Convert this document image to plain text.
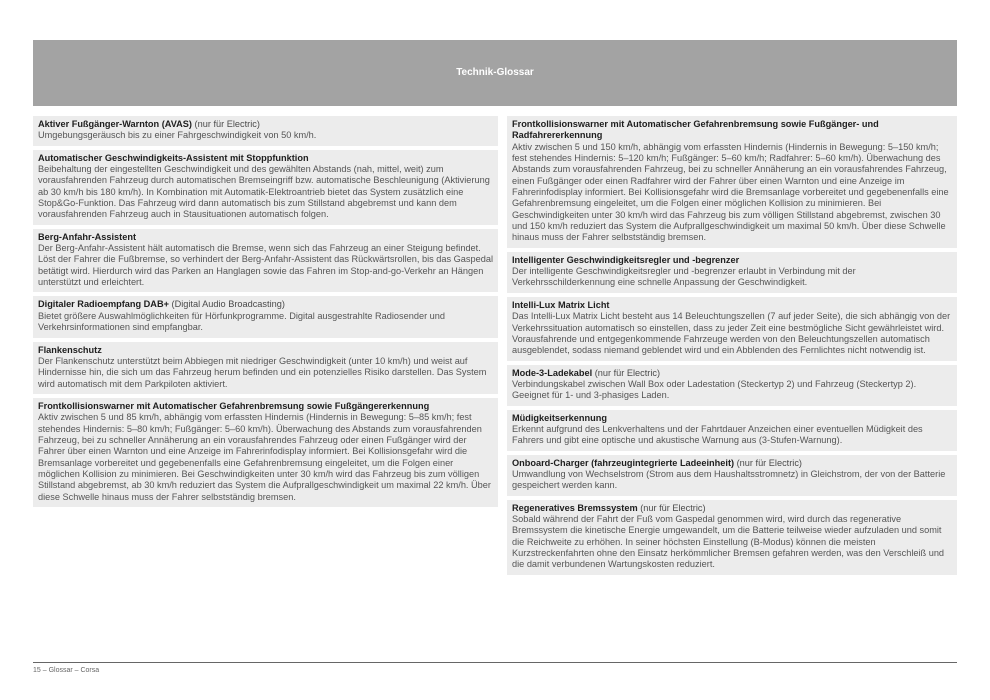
Technik-Glossar
Aktiver Fußgänger-Warnton (AVAS) (nur für Electric)
Umgebungsgeräusch bis zu einer Fahrgeschwindigkeit von 50 km/h.
Automatischer Geschwindigkeits-Assistent mit Stoppfunktion
Beibehaltung der eingestellten Geschwindigkeit und des gewählten Abstands (nah, mittel, weit) zum vorausfahrenden Fahrzeug durch automatischen Bremseingriff bzw. automatische Beschleunigung (Aktivierung ab 30 km/h bis 180 km/h). In Kombination mit Automatik-Elektroantrieb bietet das System zusätzlich eine Stop&Go-Funktion. Das Fahrzeug wird dann automatisch bis zum Stillstand abgebremst und kann dem vorausfahrenden Fahrzeug auch in Stausituationen automatisch folgen.
Berg-Anfahr-Assistent
Der Berg-Anfahr-Assistent hält automatisch die Bremse, wenn sich das Fahrzeug an einer Steigung befindet. Löst der Fahrer die Fußbremse, so verhindert der Berg-Anfahr-Assistent das Rückwärtsrollen, bis das Gaspedal betätigt wird. Hierdurch wird das Parken an Hanglagen sowie das Fahren im Stop-and-go-Verkehr an Hängen unterstützt und erleichtert.
Digitaler Radioempfang DAB+ (Digital Audio Broadcasting)
Bietet größere Auswahlmöglichkeiten für Hörfunkprogramme. Digital ausgestrahlte Radiosender und Verkehrsinformationen sind empfangbar.
Flankenschutz
Der Flankenschutz unterstützt beim Abbiegen mit niedriger Geschwindigkeit (unter 10 km/h) und weist auf Hindernisse hin, die sich um das Fahrzeug herum befinden und ein potenzielles Risiko darstellen. Das System wird automatisch mit dem Parkpiloten aktiviert.
Frontkollisionswarner mit Automatischer Gefahrenbremsung sowie Fußgängererkennung
Aktiv zwischen 5 und 85 km/h, abhängig vom erfassten Hindernis (Hindernis in Bewegung: 5–85 km/h; fest stehendes Hindernis: 5–80 km/h; Fußgänger: 5–60 km/h). Überwachung des Abstands zum vorausfahrenden Fahrzeug, bei zu schneller Annäherung an ein vorausfahrendes Fahrzeug oder einen Fußgänger wird der Fahrer über einen Warnton und eine Anzeige im Fahrerinfodisplay informiert. Bei Kollisionsgefahr wird die Bremsanlage vorbereitet und gegebenenfalls eine Gefahrenbremsung eingeleitet, um die Folgen einer möglichen Kollision zu minimieren. Bei Geschwindigkeiten unter 30 km/h wird das Fahrzeug bis zum völligen Stillstand abgebremst, ab 30 km/h reduziert das System die Aufprallgeschwindigkeit um maximal 22 km/h. Über diese Schwelle hinaus muss der Fahrer selbstständig bremsen.
Frontkollisionswarner mit Automatischer Gefahrenbremsung sowie Fußgänger- und Radfahrererkennung
Aktiv zwischen 5 und 150 km/h, abhängig vom erfassten Hindernis (Hindernis in Bewegung: 5–150 km/h; fest stehendes Hindernis: 5–120 km/h; Fußgänger: 5–60 km/h; Radfahrer: 5–60 km/h). Überwachung des Abstands zum vorausfahrenden Fahrzeug, bei zu schneller Annäherung an ein vorausfahrendes Fahrzeug, einen Fußgänger oder einen Radfahrer wird der Fahrer über einen Warnton und eine Anzeige im Fahrerinfodisplay informiert. Bei Kollisionsgefahr wird die Bremsanlage vorbereitet und gegebenenfalls eine Gefahrenbremsung eingeleitet, um die Folgen einer möglichen Kollision zu minimieren. Bei Geschwindigkeiten unter 30 km/h wird das Fahrzeug bis zum völligen Stillstand abgebremst, zwischen 30 und 150 km/h reduziert das System die Aufprallgeschwindigkeit um maximal 50 km/h. Über diese Schwelle hinaus muss der Fahrer selbstständig bremsen.
Intelligenter Geschwindigkeitsregler und -begrenzer
Der intelligente Geschwindigkeitsregler und -begrenzer erlaubt in Verbindung mit der Verkehrsschilderkennung eine schnelle Anpassung der Geschwindigkeit.
Intelli-Lux Matrix Licht
Das Intelli-Lux Matrix Licht besteht aus 14 Beleuchtungszellen (7 auf jeder Seite), die sich abhängig von der Verkehrssituation automatisch so einstellen, dass zu jeder Zeit eine bestmögliche Sicht gewährleistet wird. Vorausfahrende und entgegenkommende Fahrzeuge werden von den Beleuchtungszellen automatisch ausgeblendet, sodass niemand geblendet wird und ein Abblenden des Fernlichtes nicht notwendig ist.
Mode-3-Ladekabel (nur für Electric)
Verbindungskabel zwischen Wall Box oder Ladestation (Steckertyp 2) und Fahrzeug (Steckertyp 2). Geeignet für 1- und 3-phasiges Laden.
Müdigkeitserkennung
Erkennt aufgrund des Lenkverhaltens und der Fahrtdauer Anzeichen einer eventuellen Müdigkeit des Fahrers und gibt eine optische und akustische Warnung aus (3-Stufen-Warnung).
Onboard-Charger (fahrzeugintegrierte Ladeeinheit) (nur für Electric)
Umwandlung von Wechselstrom (Strom aus dem Haushaltsstromnetz) in Gleichstrom, der von der Batterie gespeichert werden kann.
Regeneratives Bremssystem (nur für Electric)
Sobald während der Fahrt der Fuß vom Gaspedal genommen wird, wird durch das regenerative Bremssystem die kinetische Energie umgewandelt, um die Batterie teilweise wieder aufzuladen und somit die Reichweite zu erhöhen. In seiner höchsten Einstellung (B-Modus) können die meisten Kurzstreckenfahrten ohne den Einsatz herkömmlicher Bremsen gefahren werden, was den Verschleiß und die damit verbundenen Wartungskosten reduziert.
15 – Glossar – Corsa
